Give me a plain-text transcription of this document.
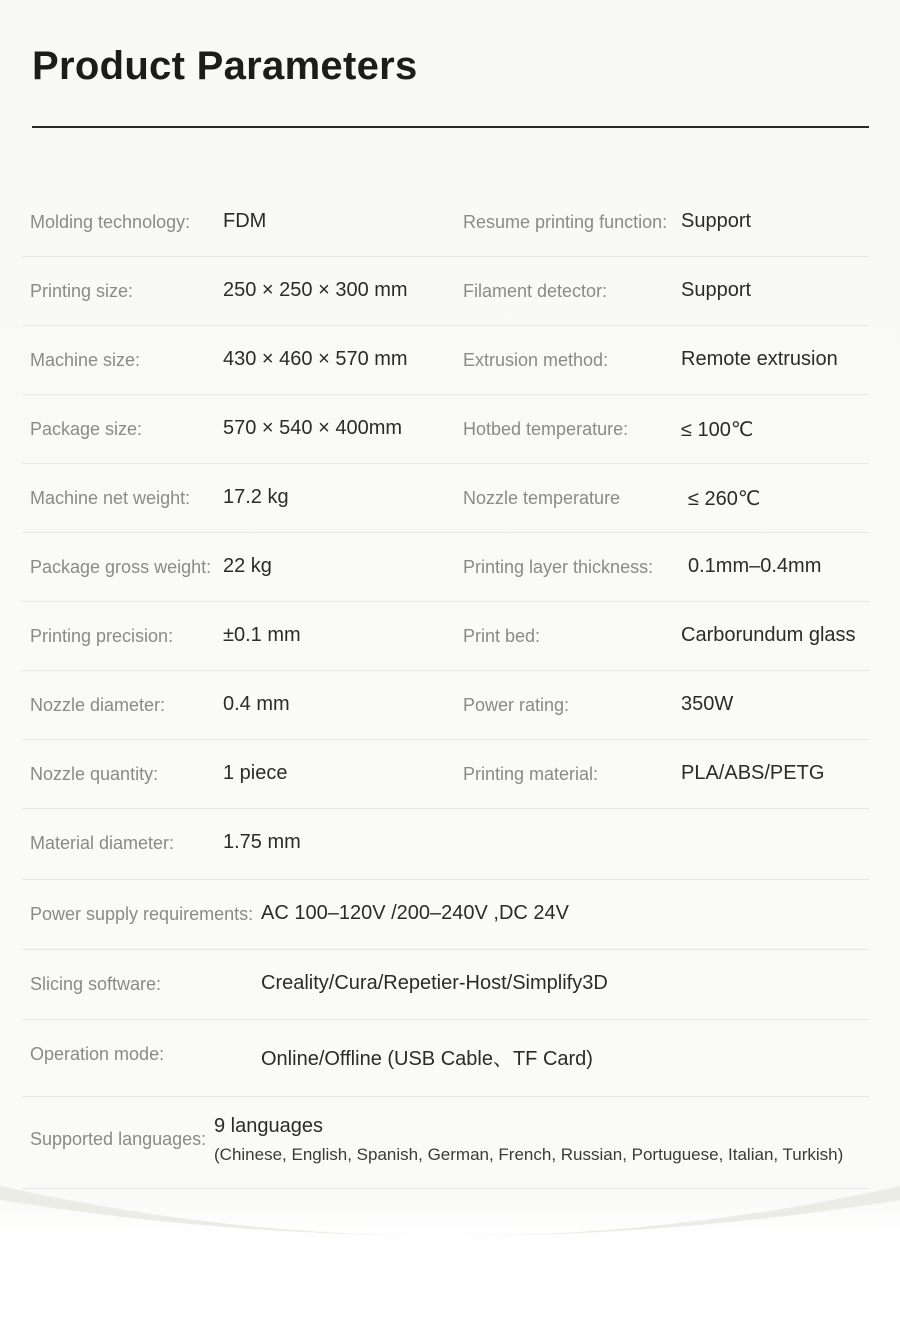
Product Parameters
Molding technology: FDM	Resume printing function: Support
Printing size:	250 × 250 × 300 mm	Filament detector:	Support
Machine size:	430 × 460 × 570 mm	Extrusion method:	Remote extrusion
Package size:	570 × 540 × 400mm	Hotbed temperature:	≤ 100℃
Machine net weight: 17.2 kg	Nozzle temperature	≤ 260℃
Package gross weight: 22 kg	Printing layer thickness: 0.1mm–0.4mm
Printing precision: ±0.1 mm	Print bed:	Carborundum glass
Nozzle diameter:	0.4 mm	Power rating:	350W
Nozzle quantity:	1 piece	Printing material:	PLA/ABS/PETG
Material diameter: 1.75 mm
Power supply requirements: AC 100–120V /200–240V ,DC 24V
Slicing software:	Creality/Cura/Repetier-Host/Simplify3D
Operation mode:	Online/Offline (USB Cable、TF Card)
Supported languages:
9 languages
(Chinese, English, Spanish, German, French, Russian, Portuguese, Italian, Turkish)
